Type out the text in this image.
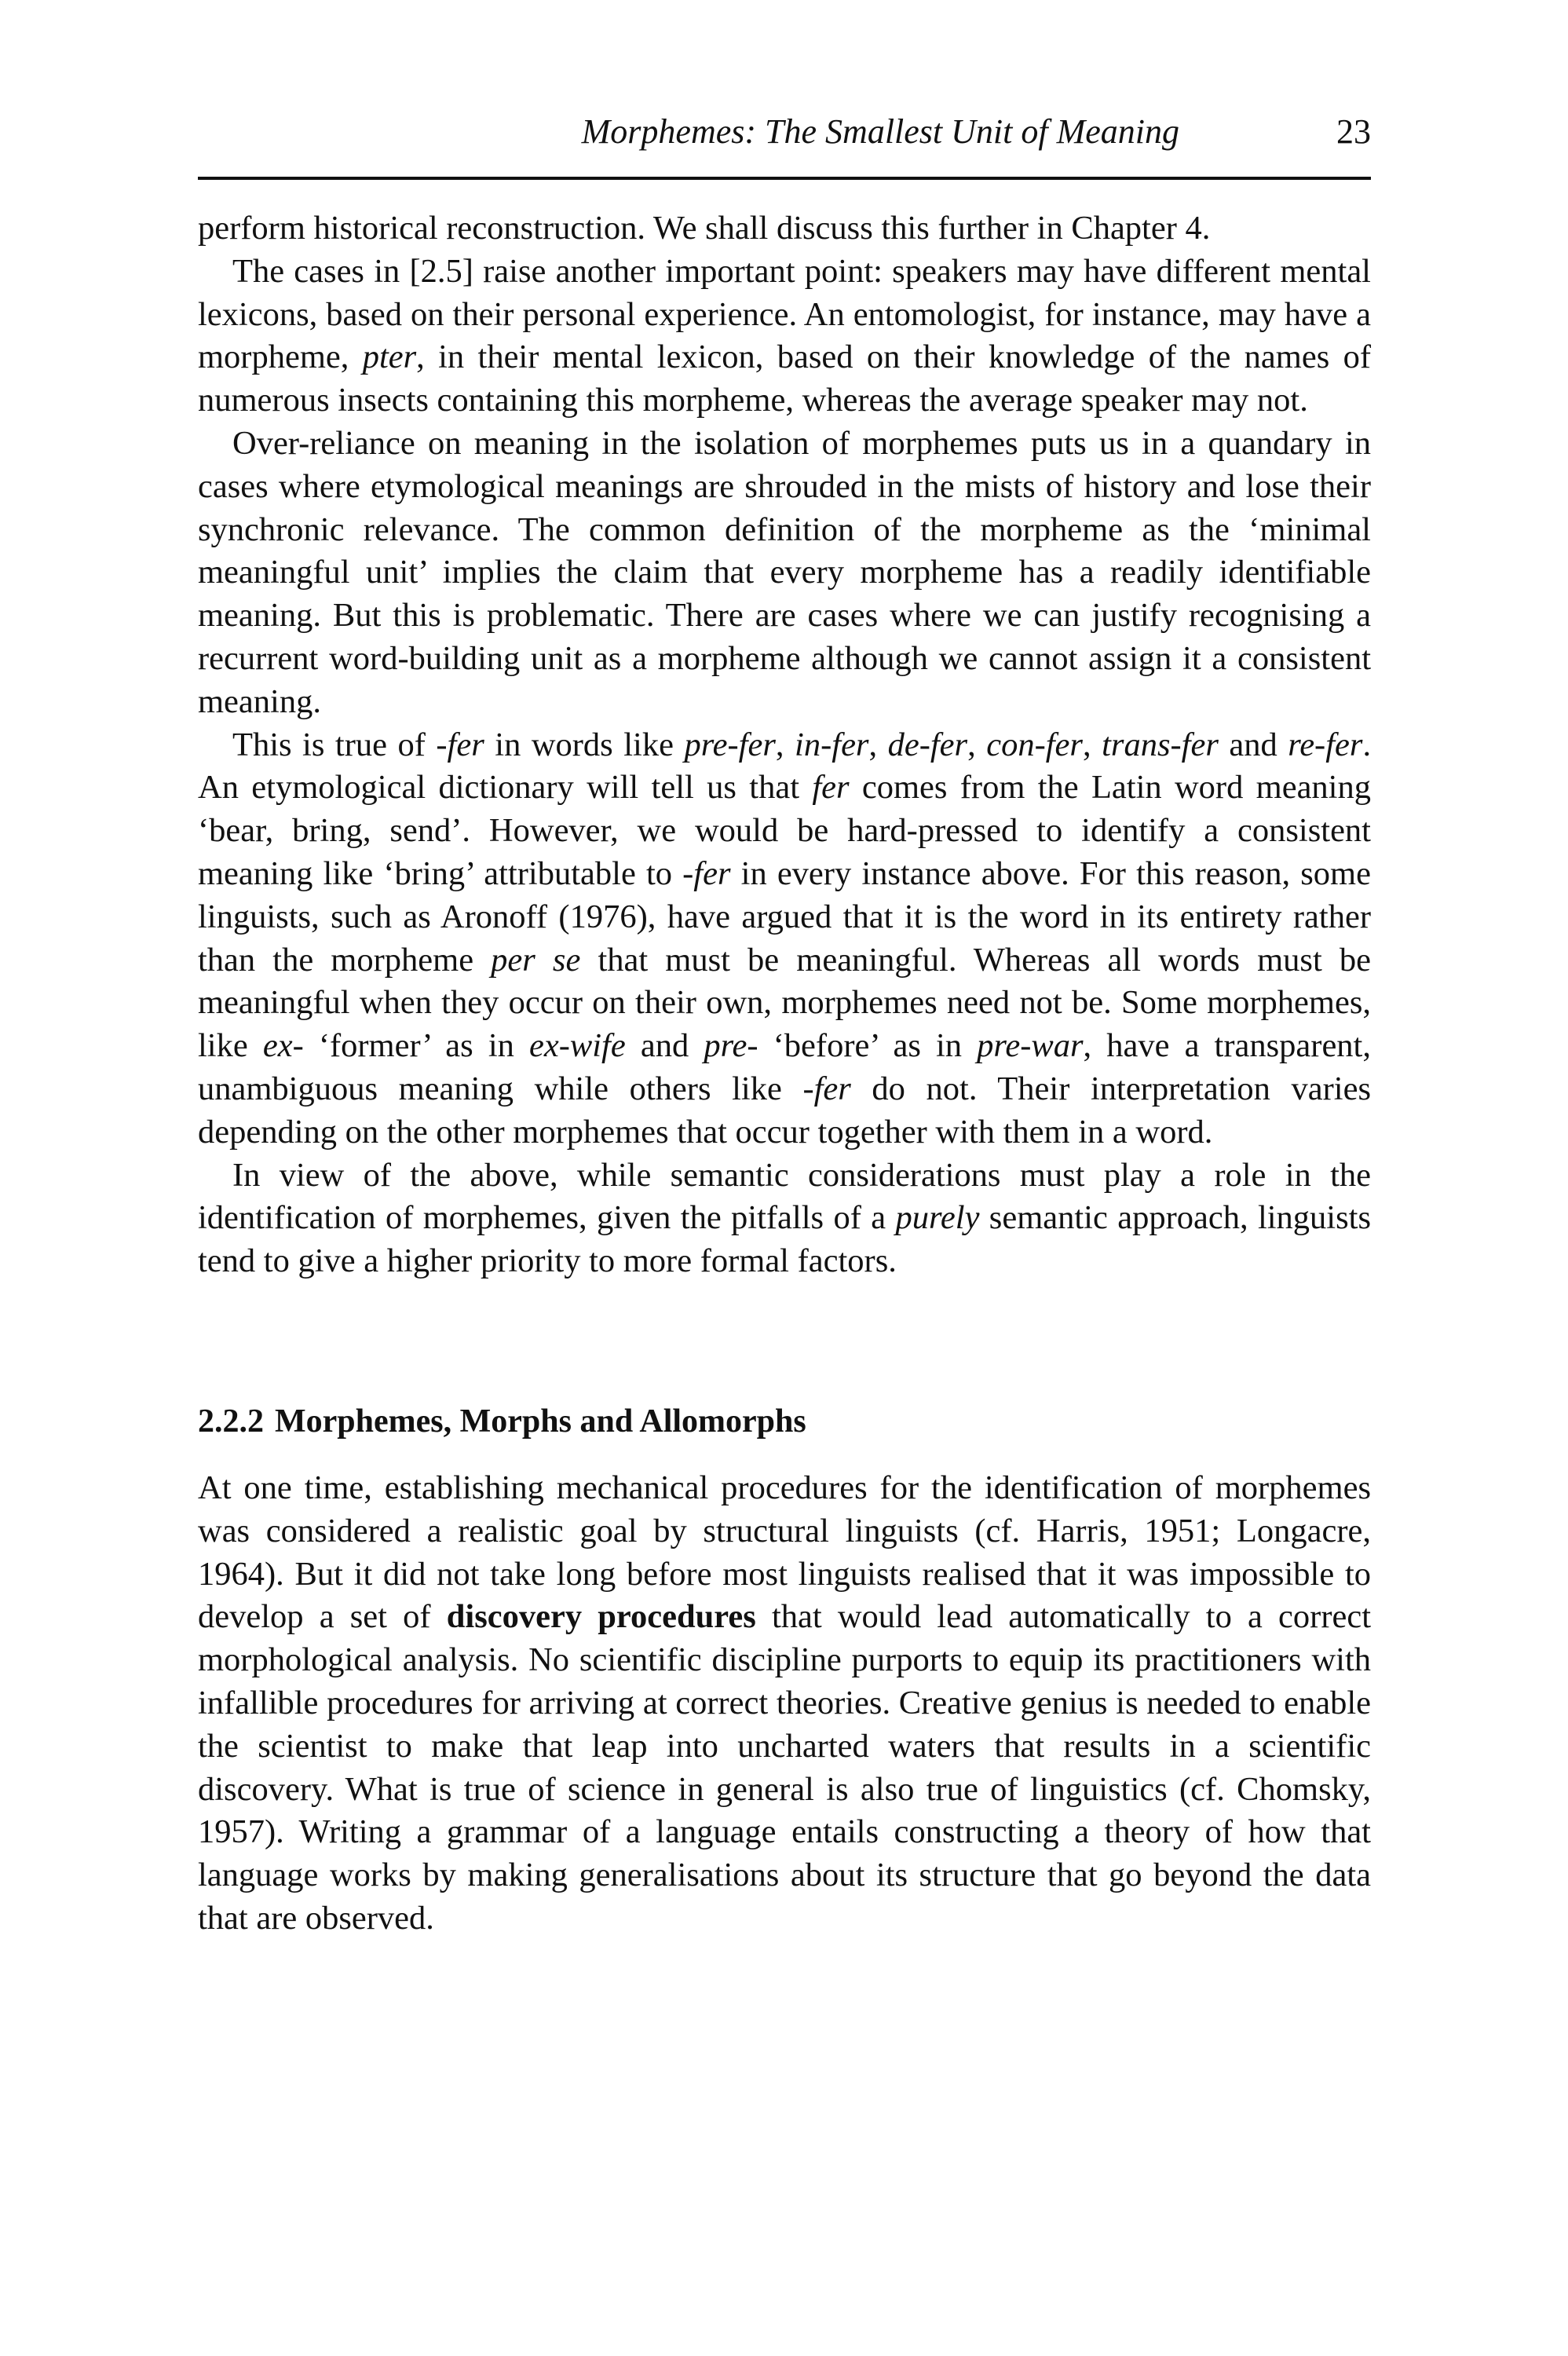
Morphemes: The Smallest Unit of Meaning	23

perform historical reconstruction. We shall discuss this further in Chapter 4.

The cases in [2.5] raise another important point: speakers may have different mental lexicons, based on their personal experience. An entomologist, for instance, may have a morpheme, pter, in their mental lexicon, based on their knowledge of the names of numerous insects containing this morpheme, whereas the average speaker may not.

Over-reliance on meaning in the isolation of morphemes puts us in a quandary in cases where etymological meanings are shrouded in the mists of history and lose their synchronic relevance. The common definition of the morpheme as the ‘minimal meaningful unit’ implies the claim that every morpheme has a readily identifiable meaning. But this is problematic. There are cases where we can justify recognising a recurrent word-building unit as a morpheme although we cannot assign it a consistent meaning.

This is true of -fer in words like pre-fer, in-fer, de-fer, con-fer, trans-fer and re-fer. An etymological dictionary will tell us that fer comes from the Latin word meaning ‘bear, bring, send’. However, we would be hard-pressed to identify a consistent meaning like ‘bring’ attributable to -fer in every instance above. For this reason, some linguists, such as Aronoff (1976), have argued that it is the word in its entirety rather than the morpheme per se that must be meaningful. Whereas all words must be meaningful when they occur on their own, morphemes need not be. Some morphemes, like ex- ‘former’ as in ex-wife and pre- ‘before’ as in pre-war, have a transparent, unambiguous meaning while others like -fer do not. Their interpretation varies depending on the other morphemes that occur together with them in a word.

In view of the above, while semantic considerations must play a role in the identification of morphemes, given the pitfalls of a purely semantic approach, linguists tend to give a higher priority to more formal factors.

2.2.2 Morphemes, Morphs and Allomorphs

At one time, establishing mechanical procedures for the identification of morphemes was considered a realistic goal by structural linguists (cf. Harris, 1951; Longacre, 1964). But it did not take long before most linguists realised that it was impossible to develop a set of discovery procedures that would lead automatically to a correct morphological analysis. No scientific discipline purports to equip its practitioners with infallible procedures for arriving at correct theories. Creative genius is needed to enable the scientist to make that leap into uncharted waters that results in a scientific discovery. What is true of science in general is also true of linguistics (cf. Chomsky, 1957). Writing a grammar of a language entails constructing a theory of how that language works by making generalisations about its structure that go beyond the data that are observed.
